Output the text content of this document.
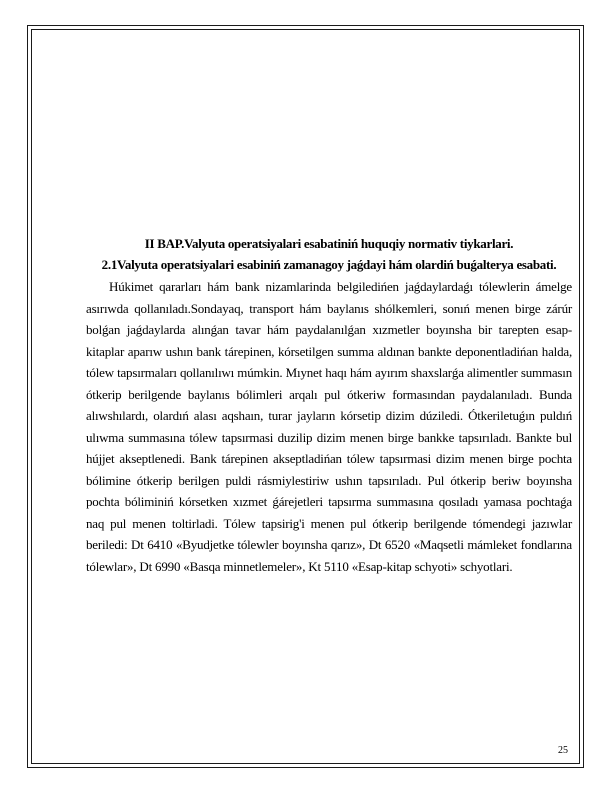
II BAP.Valyuta operatsiyalari esabatiniń huquqiy normativ tiykarlari.
2.1Valyuta operatsiyalari esabiniń zamanagoy jaǵdayi hám olardiń buǵalterya esabati.
Húkimet qararları hám bank nizamlarinda belgiledińen jaǵdaylardaǵı tólewlerin ámelge asırıwda qollanıladı.Sondayaq, transport hám baylanıs shólkemleri, sonıń menen birge zárúr bolǵan jaǵdaylarda alınǵan tavar hám paydalanılǵan xızmetler boyınsha bir tarepten esap-kitaplar aparıw ushın bank tárepinen, kórsetilgen summa aldınan bankte deponentladińan halda, tólew tapsırmaları qollanılıwı múmkin. Mıynet haqı hám ayırım shaxslarǵa alimentler summasın ótkerip berilgende baylanıs bólimleri arqalı pul ótkeriw formasından paydalanıladı. Bunda alıwshılardı, olardıń alası aqshaın, turar jayların kórsetip dizim dúziledi. Ótkeriletuǵın puldıń ulıwma summasına tólew tapsırmasi duzilip dizim menen birge bankke tapsırıladı. Bankte bul hújjet akseptlenedi. Bank tárepinen akseptladińan tólew tapsırmasi dizim menen birge pochta bólimine ótkerip berilgen puldi rásmiylestiriw ushın tapsırıladı. Pul ótkerip beriw boyınsha pochta bóliminiń kórsetken xızmet ǵárejetleri tapsırma summasına qosıladı yamasa pochtaǵa naq pul menen toltirladi. Tólew tapsirig'i menen pul ótkerip berilgende tómendegi jazıwlar beriledi: Dt 6410 «Byudjetke tólewler boyınsha qarız», Dt 6520 «Maqsetli mámleket fondlarına tólewlar», Dt 6990 «Basqa minnetlemeler», Kt 5110 «Esap-kitap schyoti» schyotlari.
25
